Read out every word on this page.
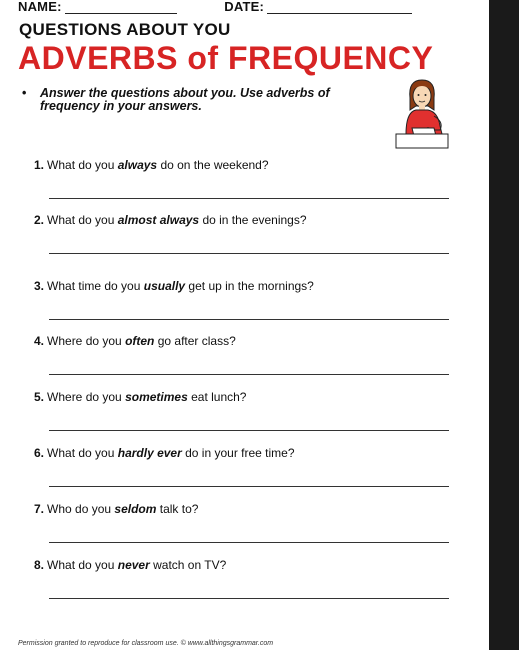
NAME:	DATE:
QUESTIONS ABOUT YOU
ADVERBS of FREQUENCY
• Answer the questions about you. Use adverbs of frequency in your answers.
1. What do you always do on the weekend?
2. What do you almost always do in the evenings?
3. What time do you usually get up in the mornings?
4. Where do you often go after class?
5. Where do you sometimes eat lunch?
6. What do you hardly ever do in your free time?
7. Who do you seldom talk to?
8. What do you never watch on TV?
Permission granted to reproduce for classroom use. © www.allthingsgrammar.com
